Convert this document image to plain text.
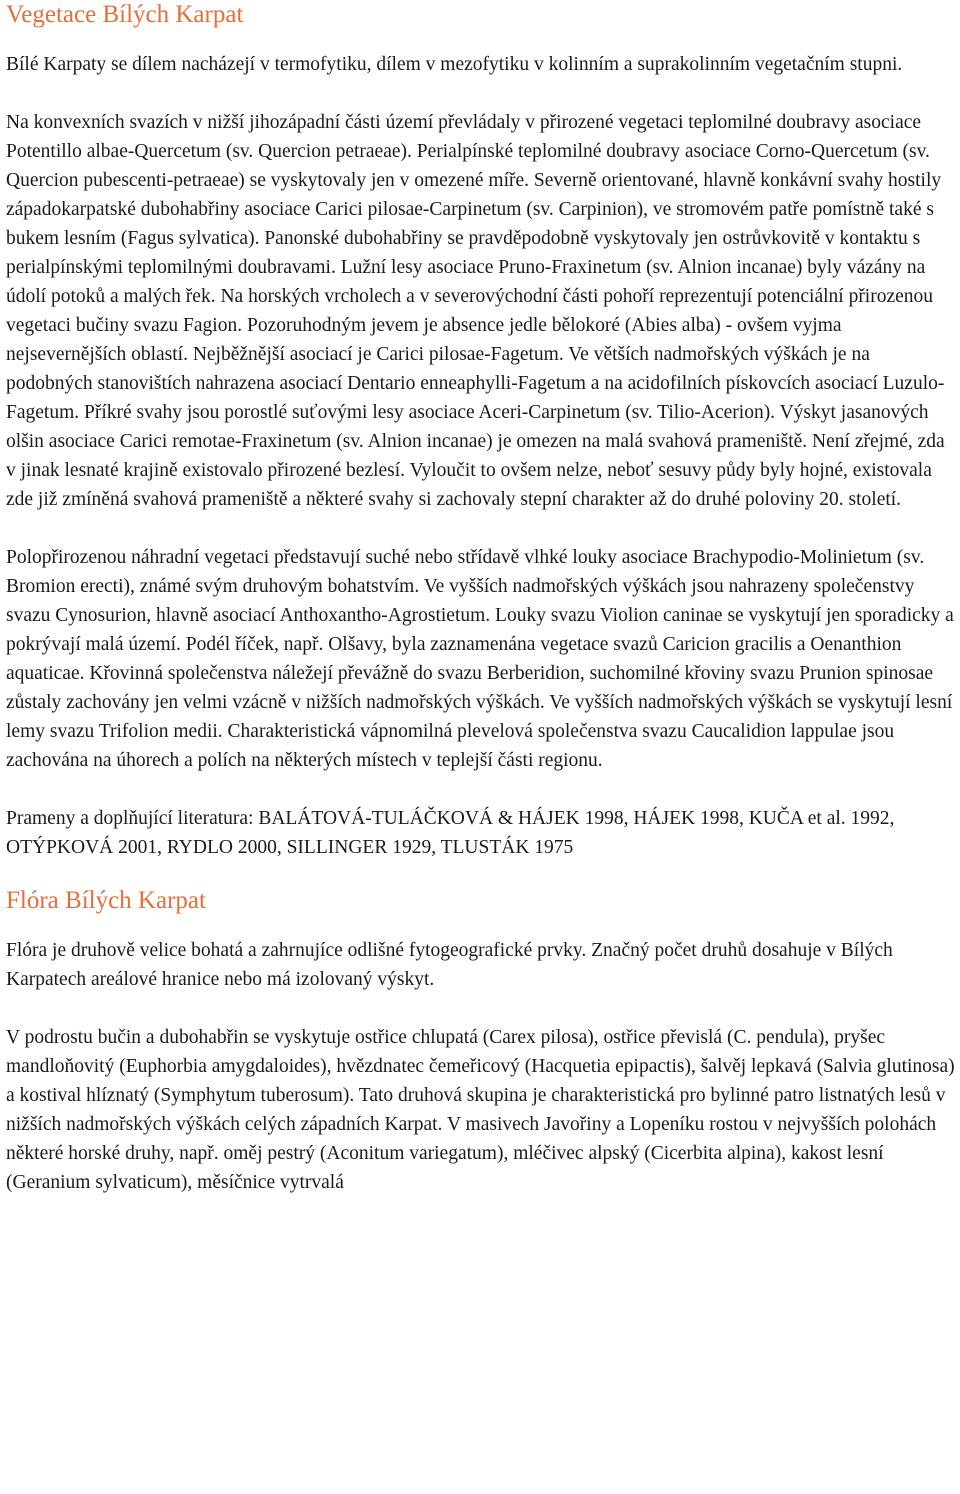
Vegetace Bílých Karpat

Bílé Karpaty se dílem nacházejí v termofytiku, dílem v mezofytiku v kolinním a suprakolinním vegetačním stupni.

Na konvexních svazích v nižší jihozápadní části území převládaly v přirozené vegetaci teplomilné doubravy asociace Potentillo albae-Quercetum (sv. Quercion petraeae). Perialpínské teplomilné doubravy asociace Corno-Quercetum (sv. Quercion pubescenti-petraeae) se vyskytovaly jen v omezené míře. Severně orientované, hlavně konkávní svahy hostily západokarpatské dubohabřiny asociace Carici pilosae-Carpinetum (sv. Carpinion), ve stromovém patře pomístně také s bukem lesním (Fagus sylvatica). Panonské dubohabřiny se pravděpodobně vyskytovaly jen ostrůvkovitě v kontaktu s perialpínskými teplomilnými doubravami. Lužní lesy asociace Pruno-Fraxinetum (sv. Alnion incanae) byly vázány na údolí potoků a malých řek. Na horských vrcholech a v severovýchodní části pohoří reprezentují potenciální přirozenou vegetaci bučiny svazu Fagion. Pozoruhodným jevem je absence jedle bělokoré (Abies alba) - ovšem vyjma nejsevernějších oblastí. Nejběžnější asociací je Carici pilosae-Fagetum. Ve větších nadmořských výškách je na podobných stanovištích nahrazena asociací Dentario enneaphylli-Fagetum a na acidofilních pískovcích asociací Luzulo-Fagetum. Příkré svahy jsou porostlé suťovými lesy asociace Aceri-Carpinetum (sv. Tilio-Acerion). Výskyt jasanových olšin asociace Carici remotae-Fraxinetum (sv. Alnion incanae) je omezen na malá svahová prameniště. Není zřejmé, zda v jinak lesnaté krajině existovalo přirozené bezlesí. Vyloučit to ovšem nelze, neboť sesuvy půdy byly hojné, existovala zde již zmíněná svahová prameniště a některé svahy si zachovaly stepní charakter až do druhé poloviny 20. století.

Polopřirozenou náhradní vegetaci představují suché nebo střídavě vlhké louky asociace Brachypodio-Molinietum (sv. Bromion erecti), známé svým druhovým bohatstvím. Ve vyšších nadmořských výškách jsou nahrazeny společenstvy svazu Cynosurion, hlavně asociací Anthoxantho-Agrostietum. Louky svazu Violion caninae se vyskytují jen sporadicky a pokrývají malá území. Podél říček, např. Olšavy, byla zaznamenána vegetace svazů Caricion gracilis a Oenanthion aquaticae. Křovinná společenstva náležejí převážně do svazu Berberidion, suchomilné křoviny svazu Prunion spinosae zůstaly zachovány jen velmi vzácně v nižších nadmořských výškách. Ve vyšších nadmořských výškách se vyskytují lesní lemy svazu Trifolion medii. Charakteristická vápnomilná plevelová společenstva svazu Caucalidion lappulae jsou zachována na úhorech a polích na některých místech v teplejší části regionu.

Prameny a doplňující literatura: BALÁTOVÁ-TULÁČKOVÁ & HÁJEK 1998, HÁJEK 1998, KUČA et al. 1992, OTÝPKOVÁ 2001, RYDLO 2000, SILLINGER 1929, TLUSTÁK 1975

Flóra Bílých Karpat

Flóra je druhově velice bohatá a zahrnujíce odlišné fytogeografické prvky. Značný počet druhů dosahuje v Bílých Karpatech areálové hranice nebo má izolovaný výskyt.

V podrostu bučin a dubohabřin se vyskytuje ostřice chlupatá (Carex pilosa), ostřice převislá (C. pendula), pryšec mandloňovitý (Euphorbia amygdaloides), hvězdnatec čemeřicový (Hacquetia epipactis), šalvěj lepkavá (Salvia glutinosa) a kostival hlíznatý (Symphytum tuberosum). Tato druhová skupina je charakteristická pro bylinné patro listnatých lesů v nižších nadmořských výškách celých západních Karpat. V masivech Javořiny a Lopeníku rostou v nejvyšších polohách některé horské druhy, např. oměj pestrý (Aconitum variegatum), mléčivec alpský (Cicerbita alpina), kakost lesní (Geranium sylvaticum), měsíčnice vytrvalá
